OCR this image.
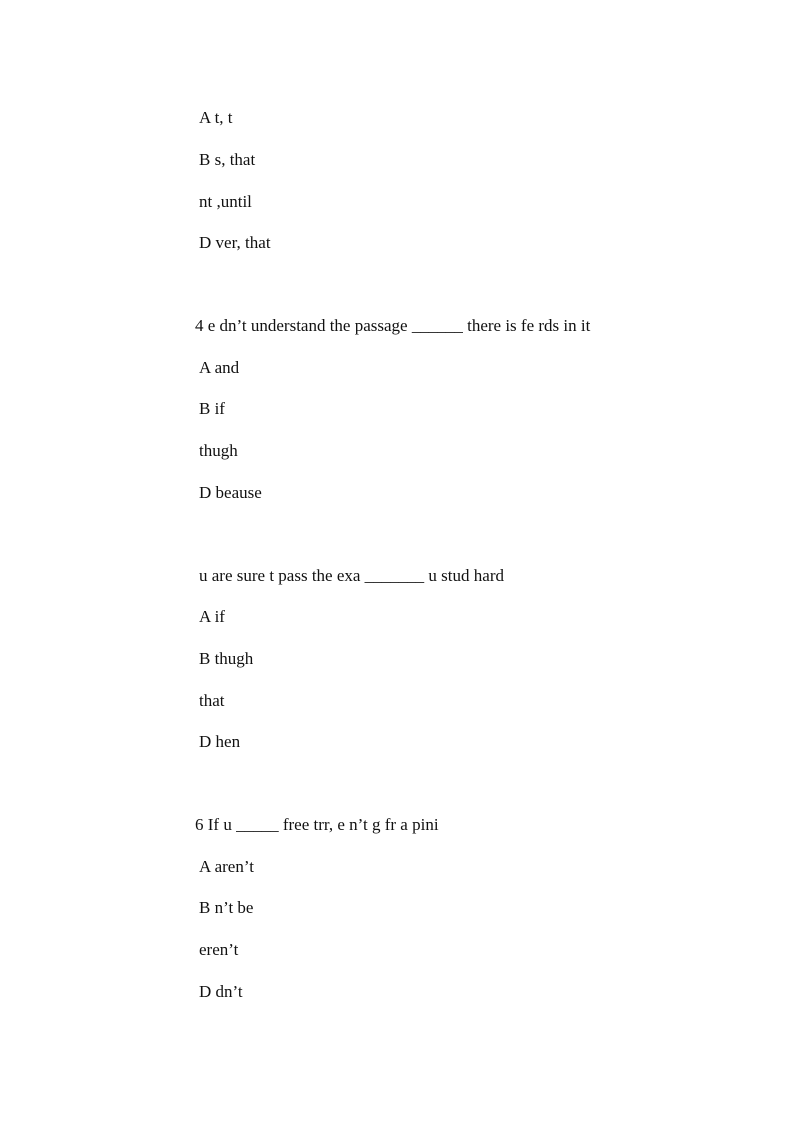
A t, t
B s, that
nt ,until
D ver, that
4 e dn’t understand the passage ______ there is fe rds in it
A and
B if
thugh
D beause
u are sure t pass the exa _______ u stud hard
A if
B thugh
that
D hen
6 If u _____ free trr, e n’t g fr a pini
A aren’t
B n’t be
eren’t
D dn’t
